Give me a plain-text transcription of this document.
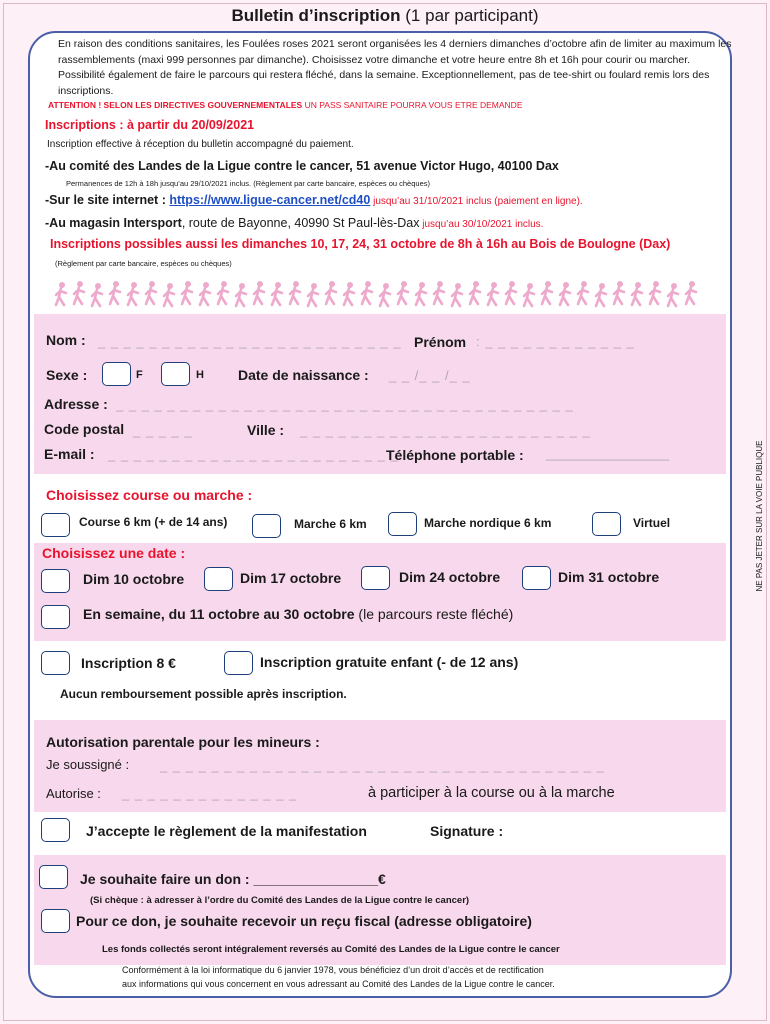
Bulletin d’inscription (1 par participant)
En raison des conditions sanitaires, les Foulées roses 2021 seront organisées les 4 derniers dimanches d’octobre afin de limiter au maximum les rassemblements (maxi 999 personnes par dimanche). Choisissez votre dimanche et votre heure entre 8h et 16h pour courir ou marcher. Possibilité également de faire le parcours qui restera fléché, dans la semaine. Exceptionnellement, pas de tee-shirt ou foulard remis lors des inscriptions.
ATTENTION ! SELON LES DIRECTIVES GOUVERNEMENTALES UN PASS SANITAIRE POURRA VOUS ETRE DEMANDE
Inscriptions : à partir du 20/09/2021
Inscription effective à réception du bulletin accompagné du paiement.
-Au comité des Landes de la Ligue contre le cancer, 51 avenue Victor Hugo, 40100 Dax
Permanences de 12h à 18h jusqu’au 29/10/2021 inclus. (Règlement par carte bancaire, espèces ou chèques)
-Sur le site internet : https://www.ligue-cancer.net/cd40 jusqu’au 31/10/2021 inclus (paiement en ligne).
-Au magasin Intersport, route de Bayonne, 40990 St Paul-lès-Dax jusqu’au 30/10/2021 inclus.
Inscriptions possibles aussi les dimanches 10, 17, 24, 31 octobre de 8h à 16h au Bois de Boulogne (Dax)
(Règlement par carte bancaire, espèces ou chèques)
Nom : _ _ _ _ _ _ _ _ _ _ _ _ _ _ _ _ _ _ _ _ _ _ _ _ Prénom : _ _ _ _ _ _ _ _ _ _ _ _
Sexe :	F	H Date de naissance : _ _ /_ _ /_ _
Adresse : _ _ _ _ _ _ _ _ _ _ _ _ _ _ _ _ _ _ _ _ _ _ _ _ _ _ _ _ _ _ _ _ _ _ _ _
Code postal _ _ _ _ _	Ville : _ _ _ _ _ _ _ _ _ _ _ _ _ _ _ _ _ _ _ _ _ _ _
E-mail : _ _ _ _ _ _ _ _ _ _ _ _ _ _ _ _ _ _ _ _ _ _ _
Téléphone portable : _________________
Choisissez course ou marche :
Course 6 km (+ de 14 ans)	Marche 6 km	Marche nordique 6 km	Virtuel
Choisissez une date :
Dim 10 octobre	Dim 17 octobre	Dim 24 octobre	Dim 31 octobre
En semaine, du 11 octobre au 30 octobre (le parcours reste fléché)
Inscription 8 €	Inscription gratuite enfant (- de 12 ans)
Aucun remboursement possible après inscription.
Autorisation parentale pour les mineurs :
Je soussigné : _ _ _ _ _ _ _ _ _ _ _ _ _ _ _ _ _ _ _ _ _ _ _ _ _ _ _ _ _ _ _ _ _ _ _
Autorise : _ _ _ _ _ _ _ _ _ _ _ _ _ _	à participer à la course ou à la marche
J’accepte le règlement de la manifestation	Signature :
Je souhaite faire un don : ________________€
(Si chèque : à adresser à l’ordre du Comité des Landes de la Ligue contre le cancer)
Pour ce don, je souhaite recevoir un reçu fiscal (adresse obligatoire)
Les fonds collectés seront intégralement reversés au Comité des Landes de la Ligue contre le cancer
Conformément à la loi informatique du 6 janvier 1978, vous bénéficiez d’un droit d’accès et de rectification
aux informations qui vous concernent en vous adressant au Comité des Landes de la Ligue contre le cancer.
NE PAS JETER SUR LA VOIE PUBLIQUE
